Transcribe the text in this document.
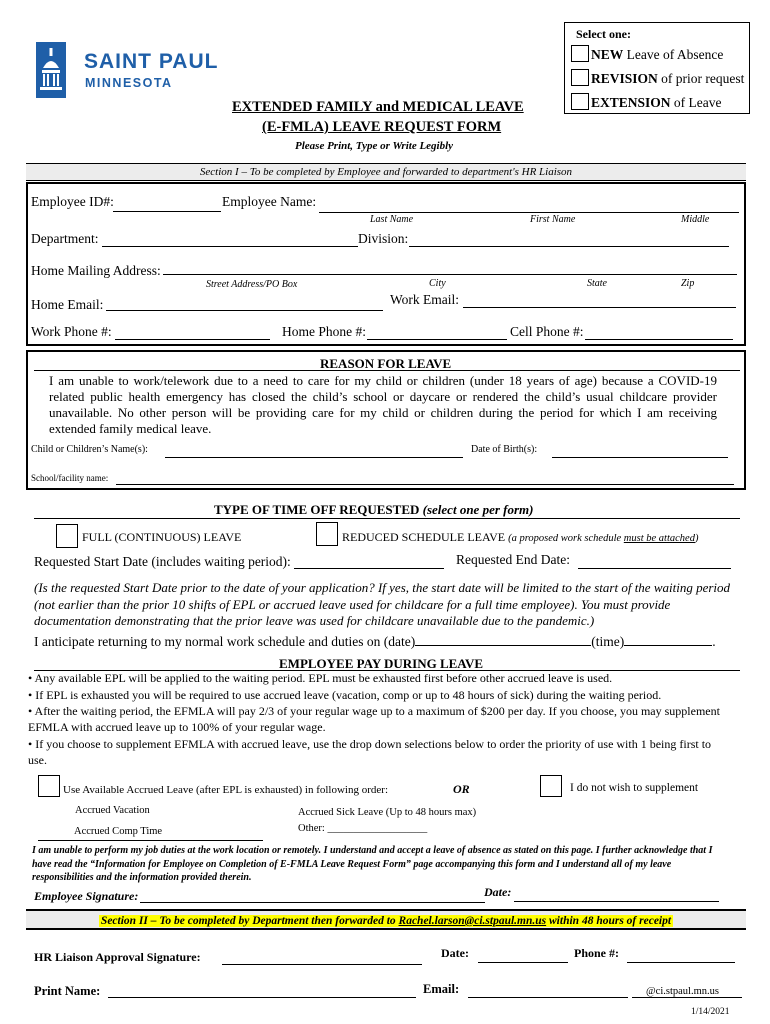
SAINT PAUL
MINNESOTA
Select one:
NEW Leave of Absence
REVISION of prior request
EXTENSION of Leave
EXTENDED FAMILY and MEDICAL LEAVE
(E-FMLA) LEAVE REQUEST FORM
Please Print, Type or Write Legibly
Section I – To be completed by Employee and forwarded to department's HR Liaison
Employee ID#:	Employee Name:
Last Name	First Name	Middle
Department:	Division:
Home Mailing Address:
Street Address/PO Box	City	State	Zip
Home Email:	Work Email:
Work Phone #:	Home Phone #:	Cell Phone #:
REASON FOR LEAVE
I am unable to work/telework due to a need to care for my child or children (under 18 years of age) because a COVID-19 related public health emergency has closed the child’s school or daycare or rendered the child’s usual childcare provider unavailable. No other person will be providing care for my child or children during the period for which I am receiving extended family medical leave.
Child or Children’s Name(s):	Date of Birth(s):
School/facility name:
TYPE OF TIME OFF REQUESTED (select one per form)
FULL (CONTINUOUS) LEAVE	REDUCED SCHEDULE LEAVE (a proposed work schedule must be attached)
Requested Start Date (includes waiting period):	Requested End Date:
(Is the requested Start Date prior to the date of your application? If yes, the start date will be limited to the start of the waiting period (not earlier than the prior 10 shifts of EPL or accrued leave used for childcare for a full time employee). You must provide documentation demonstrating that the prior leave was used for childcare unavailable due to the pandemic.)
I anticipate returning to my normal work schedule and duties on (date)	(time)	.
EMPLOYEE PAY DURING LEAVE
• Any available EPL will be applied to the waiting period. EPL must be exhausted first before other accrued leave is used.
• If EPL is exhausted you will be required to use accrued leave (vacation, comp or up to 48 hours of sick) during the waiting period.
• After the waiting period, the EFMLA will pay 2/3 of your regular wage up to a maximum of $200 per day. If you choose, you may supplement EFMLA with accrued leave up to 100% of your regular wage.
• If you choose to supplement EFMLA with accrued leave, use the drop down selections below to order the priority of use with 1 being first to use.
Use Available Accrued Leave (after EPL is exhausted) in following order:	OR	I do not wish to supplement
Accrued Vacation	Accrued Sick Leave (Up to 48 hours max)
Accrued Comp Time	Other: ___________________
I am unable to perform my job duties at the work location or remotely. I understand and accept a leave of absence as stated on this page. I further acknowledge that I have read the “Information for Employee on Completion of E-FMLA Leave Request Form” page accompanying this form and I understand all of my leave responsibilities and the information provided therein.
Employee Signature:	Date:
Section II – To be completed by Department then forwarded to Rachel.larson@ci.stpaul.mn.us within 48 hours of receipt
HR Liaison Approval Signature:	Date:	Phone #:
Print Name:	Email:	@ci.stpaul.mn.us
1/14/2021
